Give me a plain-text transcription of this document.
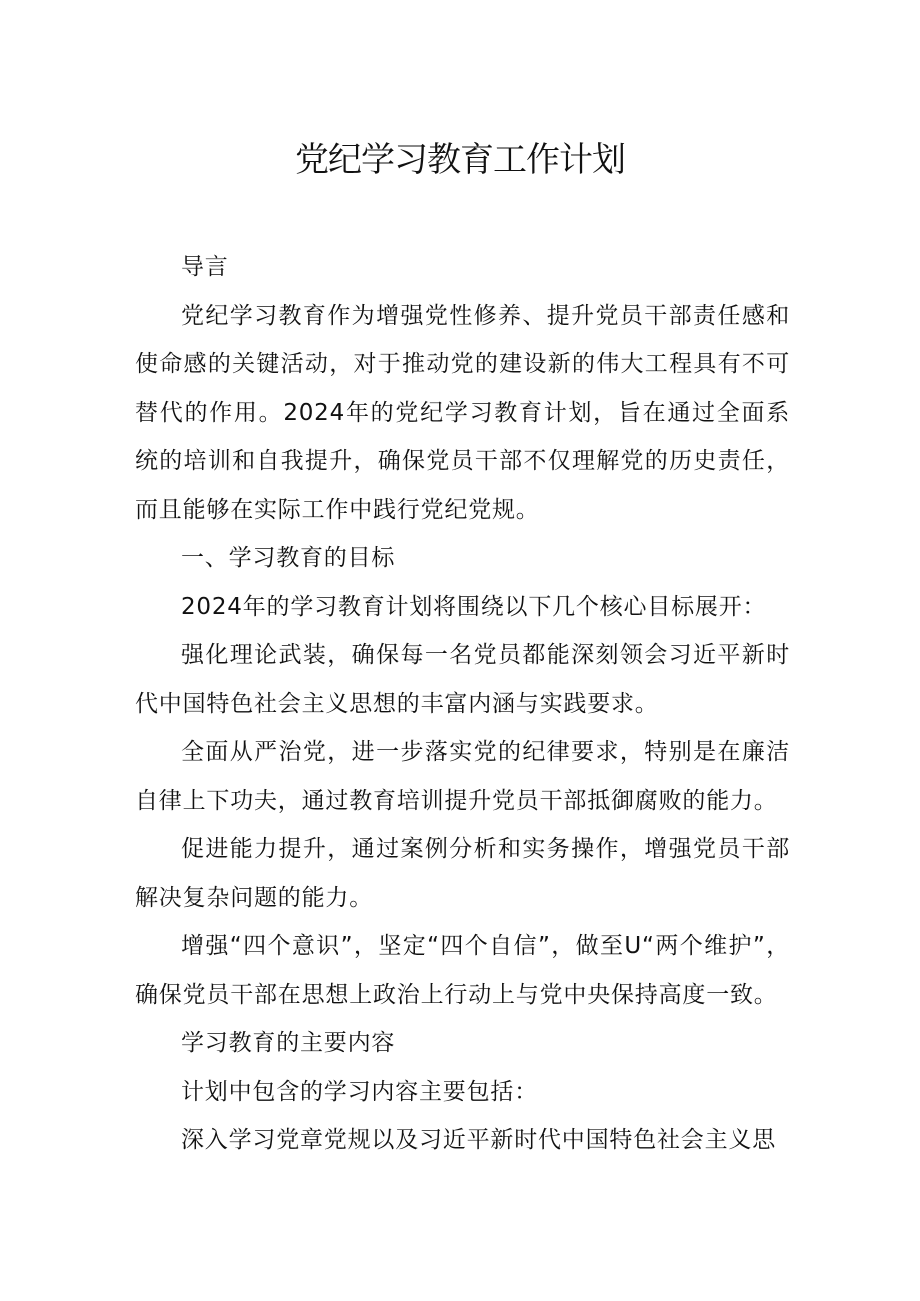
党纪学习教育工作计划

导言

党纪学习教育作为增强党性修养、提升党员干部责任感和使命感的关键活动，对于推动党的建设新的伟大工程具有不可替代的作用。2024年的党纪学习教育计划，旨在通过全面系统的培训和自我提升，确保党员干部不仅理解党的历史责任，而且能够在实际工作中践行党纪党规。

一、学习教育的目标

2024年的学习教育计划将围绕以下几个核心目标展开：

强化理论武装，确保每一名党员都能深刻领会习近平新时代中国特色社会主义思想的丰富内涵与实践要求。

全面从严治党，进一步落实党的纪律要求，特别是在廉洁自律上下功夫，通过教育培训提升党员干部抵御腐败的能力。

促进能力提升，通过案例分析和实务操作，增强党员干部解决复杂问题的能力。

增强“四个意识”，坚定“四个自信”，做至U“两个维护”，确保党员干部在思想上政治上行动上与党中央保持高度一致。

学习教育的主要内容

计划中包含的学习内容主要包括：

深入学习党章党规以及习近平新时代中国特色社会主义思
